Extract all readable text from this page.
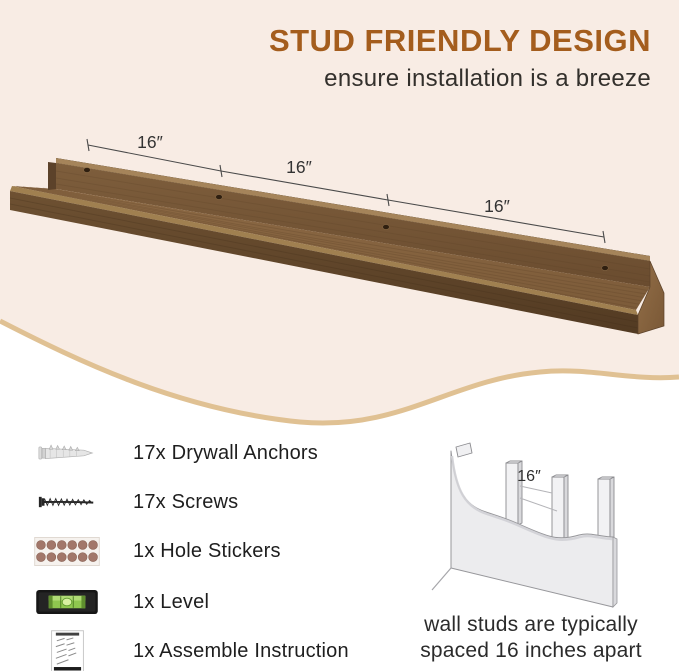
STUD FRIENDLY DESIGN
ensure installation is a breeze
16″
16″
16″
17x Drywall Anchors
17x Screws
1x Hole Stickers
1x Level
1x Assemble Instruction
16″
wall studs are typically
spaced 16 inches apart
